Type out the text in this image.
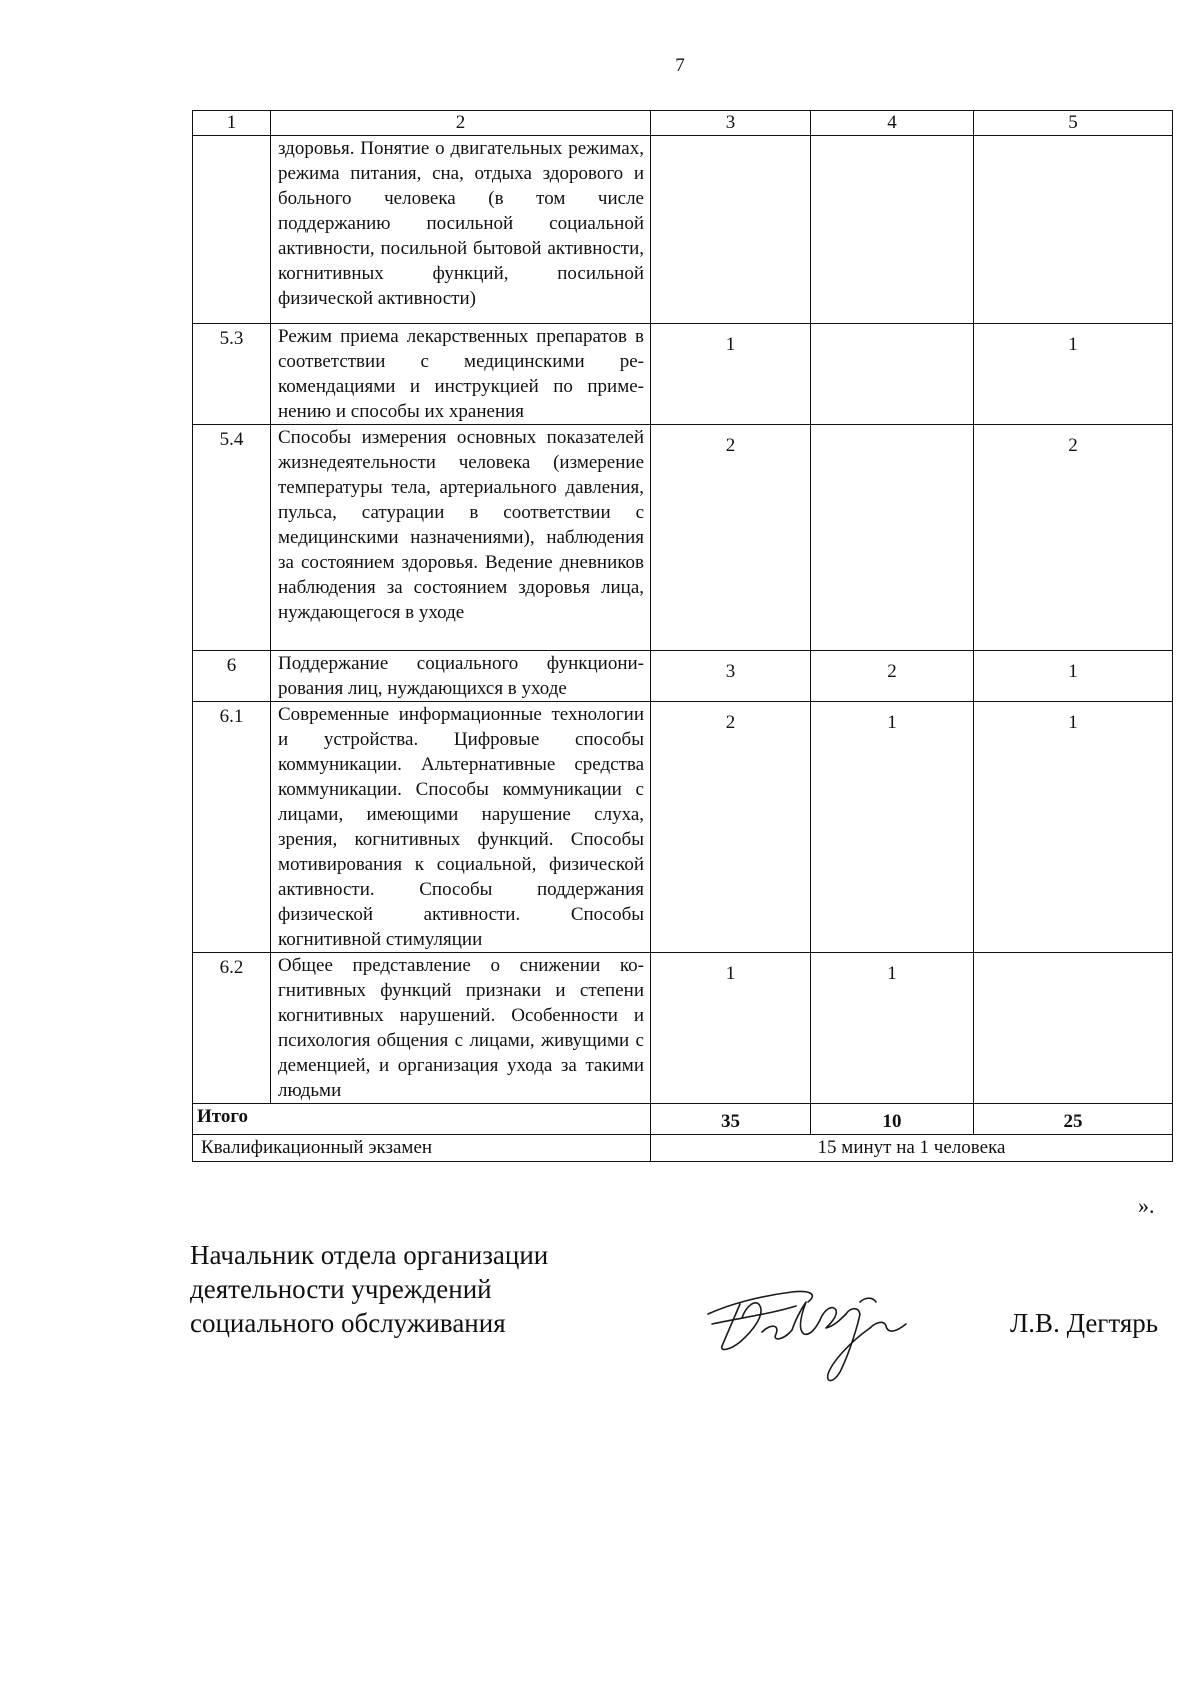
7
1	2	3	4	5
	здоровья. Понятие о двигательных режимах, режима питания, сна, отдыха здорового и больного человека (в том числе поддержанию посильной социальной активности, посильной бытовой активности, когнитивных функций, посильной физической активности)			
5.3	Режим приема лекарственных препаратов в соответствии с медицинскими рекомендациями и инструкцией по применению и способы их хранения	1		1
5.4	Способы измерения основных показателей жизнедеятельности человека (измерение температуры тела, артериального давления, пульса, сатурации в соответствии с медицинскими назначениями), наблюдения за состоянием здоровья. Ведение дневников наблюдения за состоянием здоровья лица, нуждающегося в уходе	2		2
6	Поддержание социального функционирования лиц, нуждающихся в уходе	3	2	1
6.1	Современные информационные технологии и устройства. Цифровые способы коммуникации. Альтернативные средства коммуникации. Способы коммуникации с лицами, имеющими нарушение слуха, зрения, когнитивных функций. Способы мотивирования к социальной, физической активности. Способы поддержания физической активности. Способы когнитивной стимуляции	2	1	1
6.2	Общее представление о снижении когнитивных функций признаки и степени когнитивных нарушений. Особенности и психология общения с лицами, живущими с деменцией, и организация ухода за такими людьми	1	1	
Итого		35	10	25
Квалификационный экзамен		15 минут на 1 человека		
».
Начальник отдела организации
деятельности учреждений
социального обслуживания	Л.В. Дегтярь
